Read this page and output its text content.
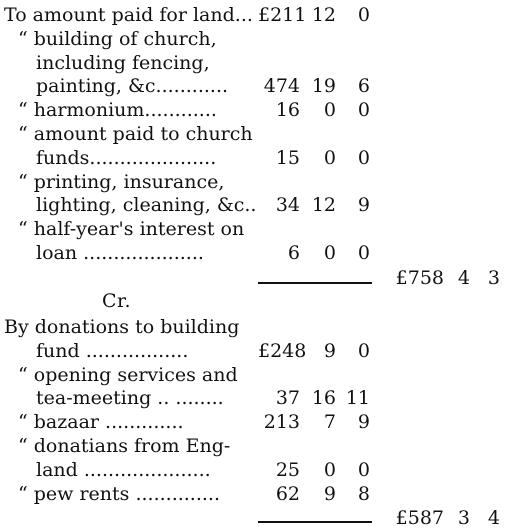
To amount paid for land... £211 12	0
“ building of church,
including fencing,
painting, &c............	474 19	6
“ harmonium............	16	0	0
“ amount paid to church
funds.....................	15	0	0
“ printing, insurance,
lighting, cleaning, &c..	34 12	9
“ half-year's interest on
loan ....................	6	0	0
£758 4 3
Cr.
By donations to building
fund .................	£248 9	0
“ opening services and
tea-meeting .. ........	37 16 11
“ bazaar .............	213	7	9
“ donatians from Eng-
land .....................	25	0	0
“ pew rents ..............	62	9	8
£587 3 4
